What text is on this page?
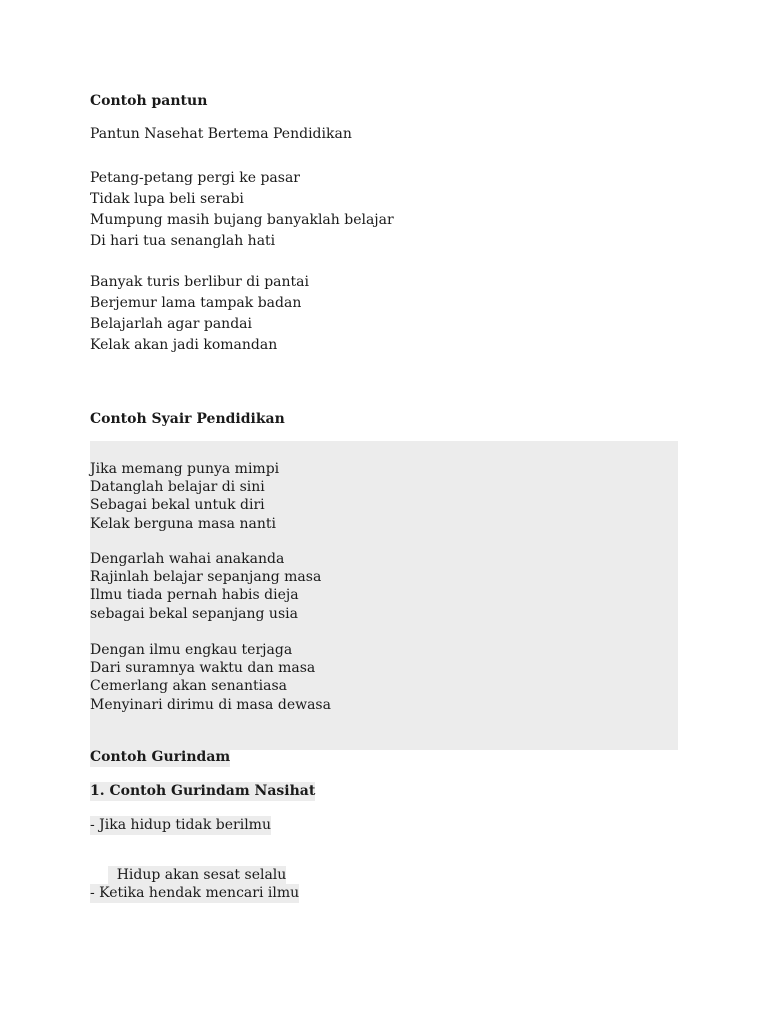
Contoh pantun
Pantun Nasehat Bertema Pendidikan
Petang-petang pergi ke pasar
Tidak lupa beli serabi
Mumpung masih bujang banyaklah belajar
Di hari tua senanglah hati
Banyak turis berlibur di pantai
Berjemur lama tampak badan
Belajarlah agar pandai
Kelak akan jadi komandan
Contoh Syair Pendidikan
Jika memang punya mimpi
Datanglah belajar di sini
Sebagai bekal untuk diri
Kelak berguna masa nanti
Dengarlah wahai anakanda
Rajinlah belajar sepanjang masa
Ilmu tiada pernah habis dieja
sebagai bekal sepanjang usia
Dengan ilmu engkau terjaga
Dari suramnya waktu dan masa
Cemerlang akan senantiasa
Menyinari dirimu di masa dewasa
Contoh Gurindam
1. Contoh Gurindam Nasihat
- Jika hidup tidak berilmu

Hidup akan sesat selalu

- Ketika hendak mencari ilmu
